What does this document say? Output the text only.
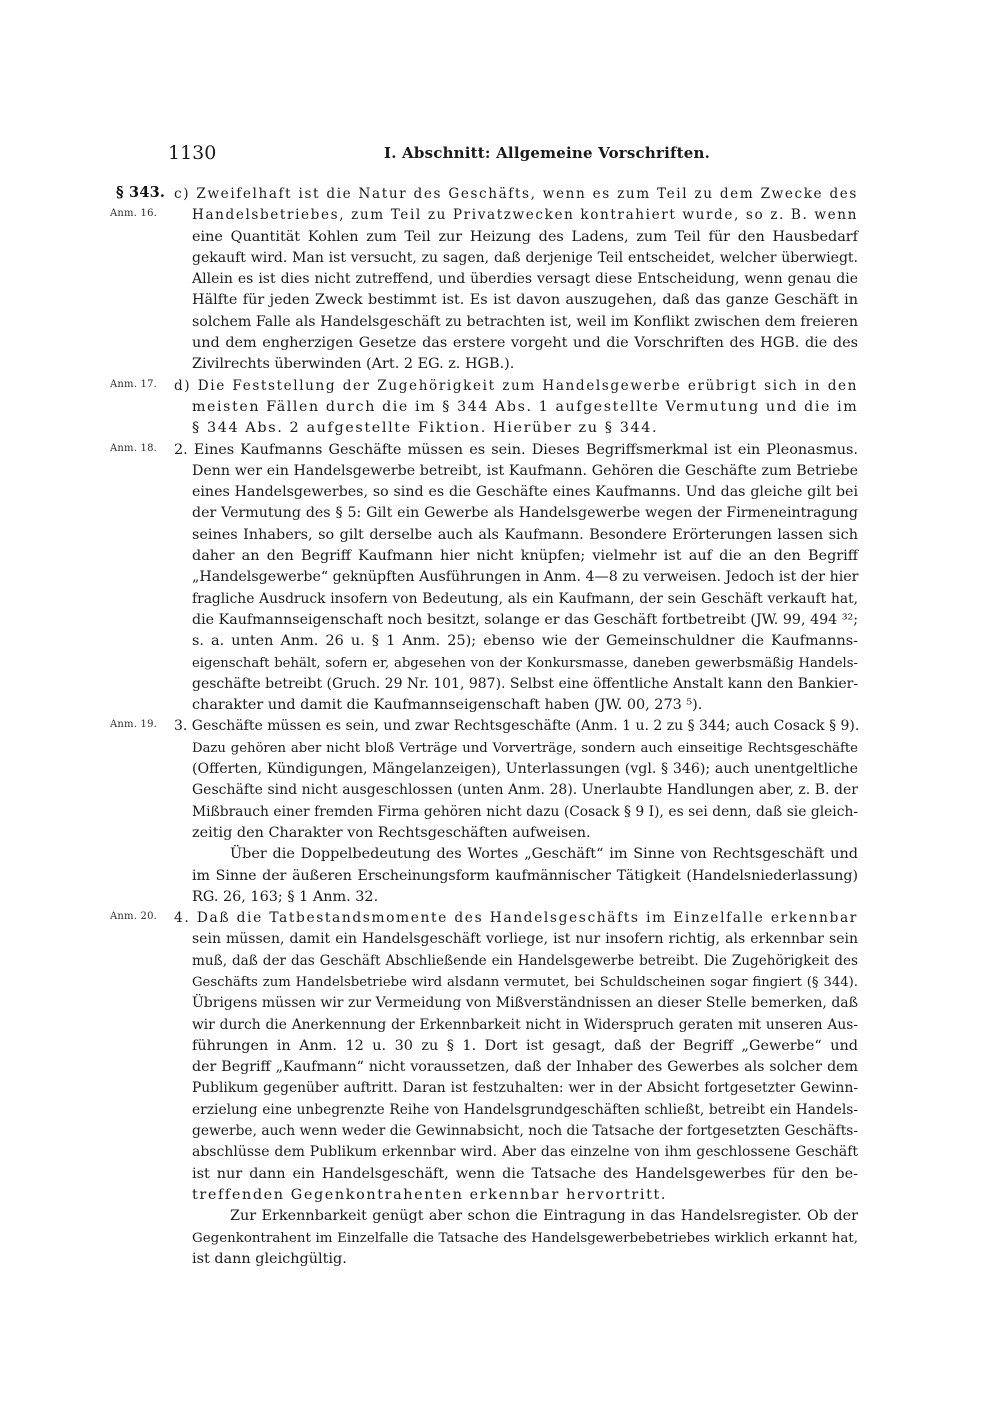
1130	I. Abschnitt: Allgemeine Vorschriften.
§ 343. c) Zweifelhaft ist die Natur des Geschäfts, wenn es zum Teil zu dem Zwecke des
Anm. 16.	Handelsbetriebes, zum Teil zu Privatzwecken kontrahiert wurde, so z. B. wenn
eine Quantität Kohlen zum Teil zur Heizung des Ladens, zum Teil für den Hausbedarf
gekauft wird. Man ist versucht, zu sagen, daß derjenige Teil entscheidet, welcher überwiegt.
Allein es ist dies nicht zutreffend, und überdies versagt diese Entscheidung, wenn genau die
Hälfte für jeden Zweck bestimmt ist. Es ist davon auszugehen, daß das ganze Geschäft in
solchem Falle als Handelsgeschäft zu betrachten ist, weil im Konflikt zwischen dem freieren
und dem engherzigen Gesetze das erstere vorgeht und die Vorschriften des HGB. die des
Zivilrechts überwinden (Art. 2 EG. z. HGB.).
Anm. 17. d) Die Feststellung der Zugehörigkeit zum Handelsgewerbe erübrigt sich in den
meisten Fällen durch die im § 344 Abs. 1 aufgestellte Vermutung und die im
§ 344 Abs. 2 aufgestellte Fiktion. Hierüber zu § 344.
Anm. 18. 2. Eines Kaufmanns Geschäfte müssen es sein. Dieses Begriffsmerkmal ist ein Pleonasmus.
Denn wer ein Handelsgewerbe betreibt, ist Kaufmann. Gehören die Geschäfte zum Betriebe
eines Handelsgewerbes, so sind es die Geschäfte eines Kaufmanns. Und das gleiche gilt bei
der Vermutung des § 5: Gilt ein Gewerbe als Handelsgewerbe wegen der Firmeneintragung
seines Inhabers, so gilt derselbe auch als Kaufmann. Besondere Erörterungen lassen sich
daher an den Begriff Kaufmann hier nicht knüpfen; vielmehr ist auf die an den Begriff
„Handelsgewerbe“ geknüpften Ausführungen in Anm. 4—8 zu verweisen. Jedoch ist der hier
fragliche Ausdruck insofern von Bedeutung, als ein Kaufmann, der sein Geschäft verkauft hat,
die Kaufmannseigenschaft noch besitzt, solange er das Geschäft fortbetreibt (JW. 99, 494 ³²;
s. a. unten Anm. 26 u. § 1 Anm. 25); ebenso wie der Gemeinschuldner die Kaufmanns-
eigenschaft behält, sofern er, abgesehen von der Konkursmasse, daneben gewerbsmäßig Handels-
geschäfte betreibt (Gruch. 29 Nr. 101, 987). Selbst eine öffentliche Anstalt kann den Bankier-
charakter und damit die Kaufmannseigenschaft haben (JW. 00, 273 ⁵).
Anm. 19. 3. Geschäfte müssen es sein, und zwar Rechtsgeschäfte (Anm. 1 u. 2 zu § 344; auch Cosack § 9).
Dazu gehören aber nicht bloß Verträge und Vorverträge, sondern auch einseitige Rechtsgeschäfte
(Offerten, Kündigungen, Mängelanzeigen), Unterlassungen (vgl. § 346); auch unentgeltliche
Geschäfte sind nicht ausgeschlossen (unten Anm. 28). Unerlaubte Handlungen aber, z. B. der
Mißbrauch einer fremden Firma gehören nicht dazu (Cosack § 9 I), es sei denn, daß sie gleich-
zeitig den Charakter von Rechtsgeschäften aufweisen.
Über die Doppelbedeutung des Wortes „Geschäft“ im Sinne von Rechtsgeschäft und
im Sinne der äußeren Erscheinungsform kaufmännischer Tätigkeit (Handelsniederlassung)
RG. 26, 163; § 1 Anm. 32.
Anm. 20. 4. Daß die Tatbestandsmomente des Handelsgeschäfts im Einzelfalle erkennbar
sein müssen, damit ein Handelsgeschäft vorliege, ist nur insofern richtig, als erkennbar sein
muß, daß der das Geschäft Abschließende ein Handelsgewerbe betreibt. Die Zugehörigkeit des
Geschäfts zum Handelsbetriebe wird alsdann vermutet, bei Schuldscheinen sogar fingiert (§ 344).
Übrigens müssen wir zur Vermeidung von Mißverständnissen an dieser Stelle bemerken, daß
wir durch die Anerkennung der Erkennbarkeit nicht in Widerspruch geraten mit unseren Aus-
führungen in Anm. 12 u. 30 zu § 1. Dort ist gesagt, daß der Begriff „Gewerbe“ und
der Begriff „Kaufmann“ nicht voraussetzen, daß der Inhaber des Gewerbes als solcher dem
Publikum gegenüber auftritt. Daran ist festzuhalten: wer in der Absicht fortgesetzter Gewinn-
erzielung eine unbegrenzte Reihe von Handelsgrundgeschäften schließt, betreibt ein Handels-
gewerbe, auch wenn weder die Gewinnabsicht, noch die Tatsache der fortgesetzten Geschäfts-
abschlüsse dem Publikum erkennbar wird. Aber das einzelne von ihm geschlossene Geschäft
ist nur dann ein Handelsgeschäft, wenn die Tatsache des Handelsgewerbes für den be-
treffenden Gegenkontrahenten erkennbar hervortritt.
Zur Erkennbarkeit genügt aber schon die Eintragung in das Handelsregister. Ob der
Gegenkontrahent im Einzelfalle die Tatsache des Handelsgewerbebetriebes wirklich erkannt hat,
ist dann gleichgültig.
